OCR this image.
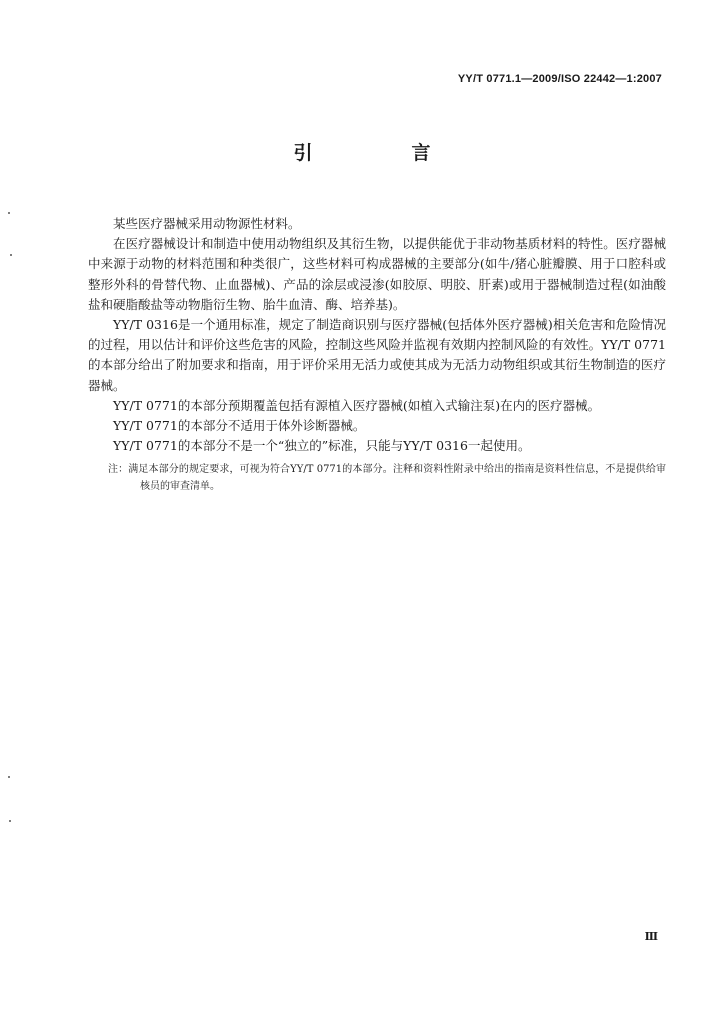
YY/T 0771.1—2009/ISO 22442—1:2007
引　言

某些医疗器械采用动物源性材料。

在医疗器械设计和制造中使用动物组织及其衍生物，以提供能优于非动物基质材料的特性。医疗器械中来源于动物的材料范围和种类很广，这些材料可构成器械的主要部分(如牛/猪心脏瓣膜、用于口腔科或整形外科的骨替代物、止血器械)、产品的涂层或浸渗(如胶原、明胶、肝素)或用于器械制造过程(如油酸盐和硬脂酸盐等动物脂衍生物、胎牛血清、酶、培养基)。

YY/T 0316是一个通用标准，规定了制造商识别与医疗器械(包括体外医疗器械)相关危害和危险情况的过程，用以估计和评价这些危害的风险，控制这些风险并监视有效期内控制风险的有效性。YY/T 0771的本部分给出了附加要求和指南，用于评价采用无活力或使其成为无活力动物组织或其衍生物制造的医疗器械。

YY/T 0771的本部分预期覆盖包括有源植入医疗器械(如植入式输注泵)在内的医疗器械。

YY/T 0771的本部分不适用于体外诊断器械。

YY/T 0771的本部分不是一个“独立的”标准，只能与YY/T 0316一起使用。

注：满足本部分的规定要求，可视为符合YY/T 0771的本部分。注释和资料性附录中给出的指南是资料性信息，不是提供给审核员的审查清单。

Ⅲ
